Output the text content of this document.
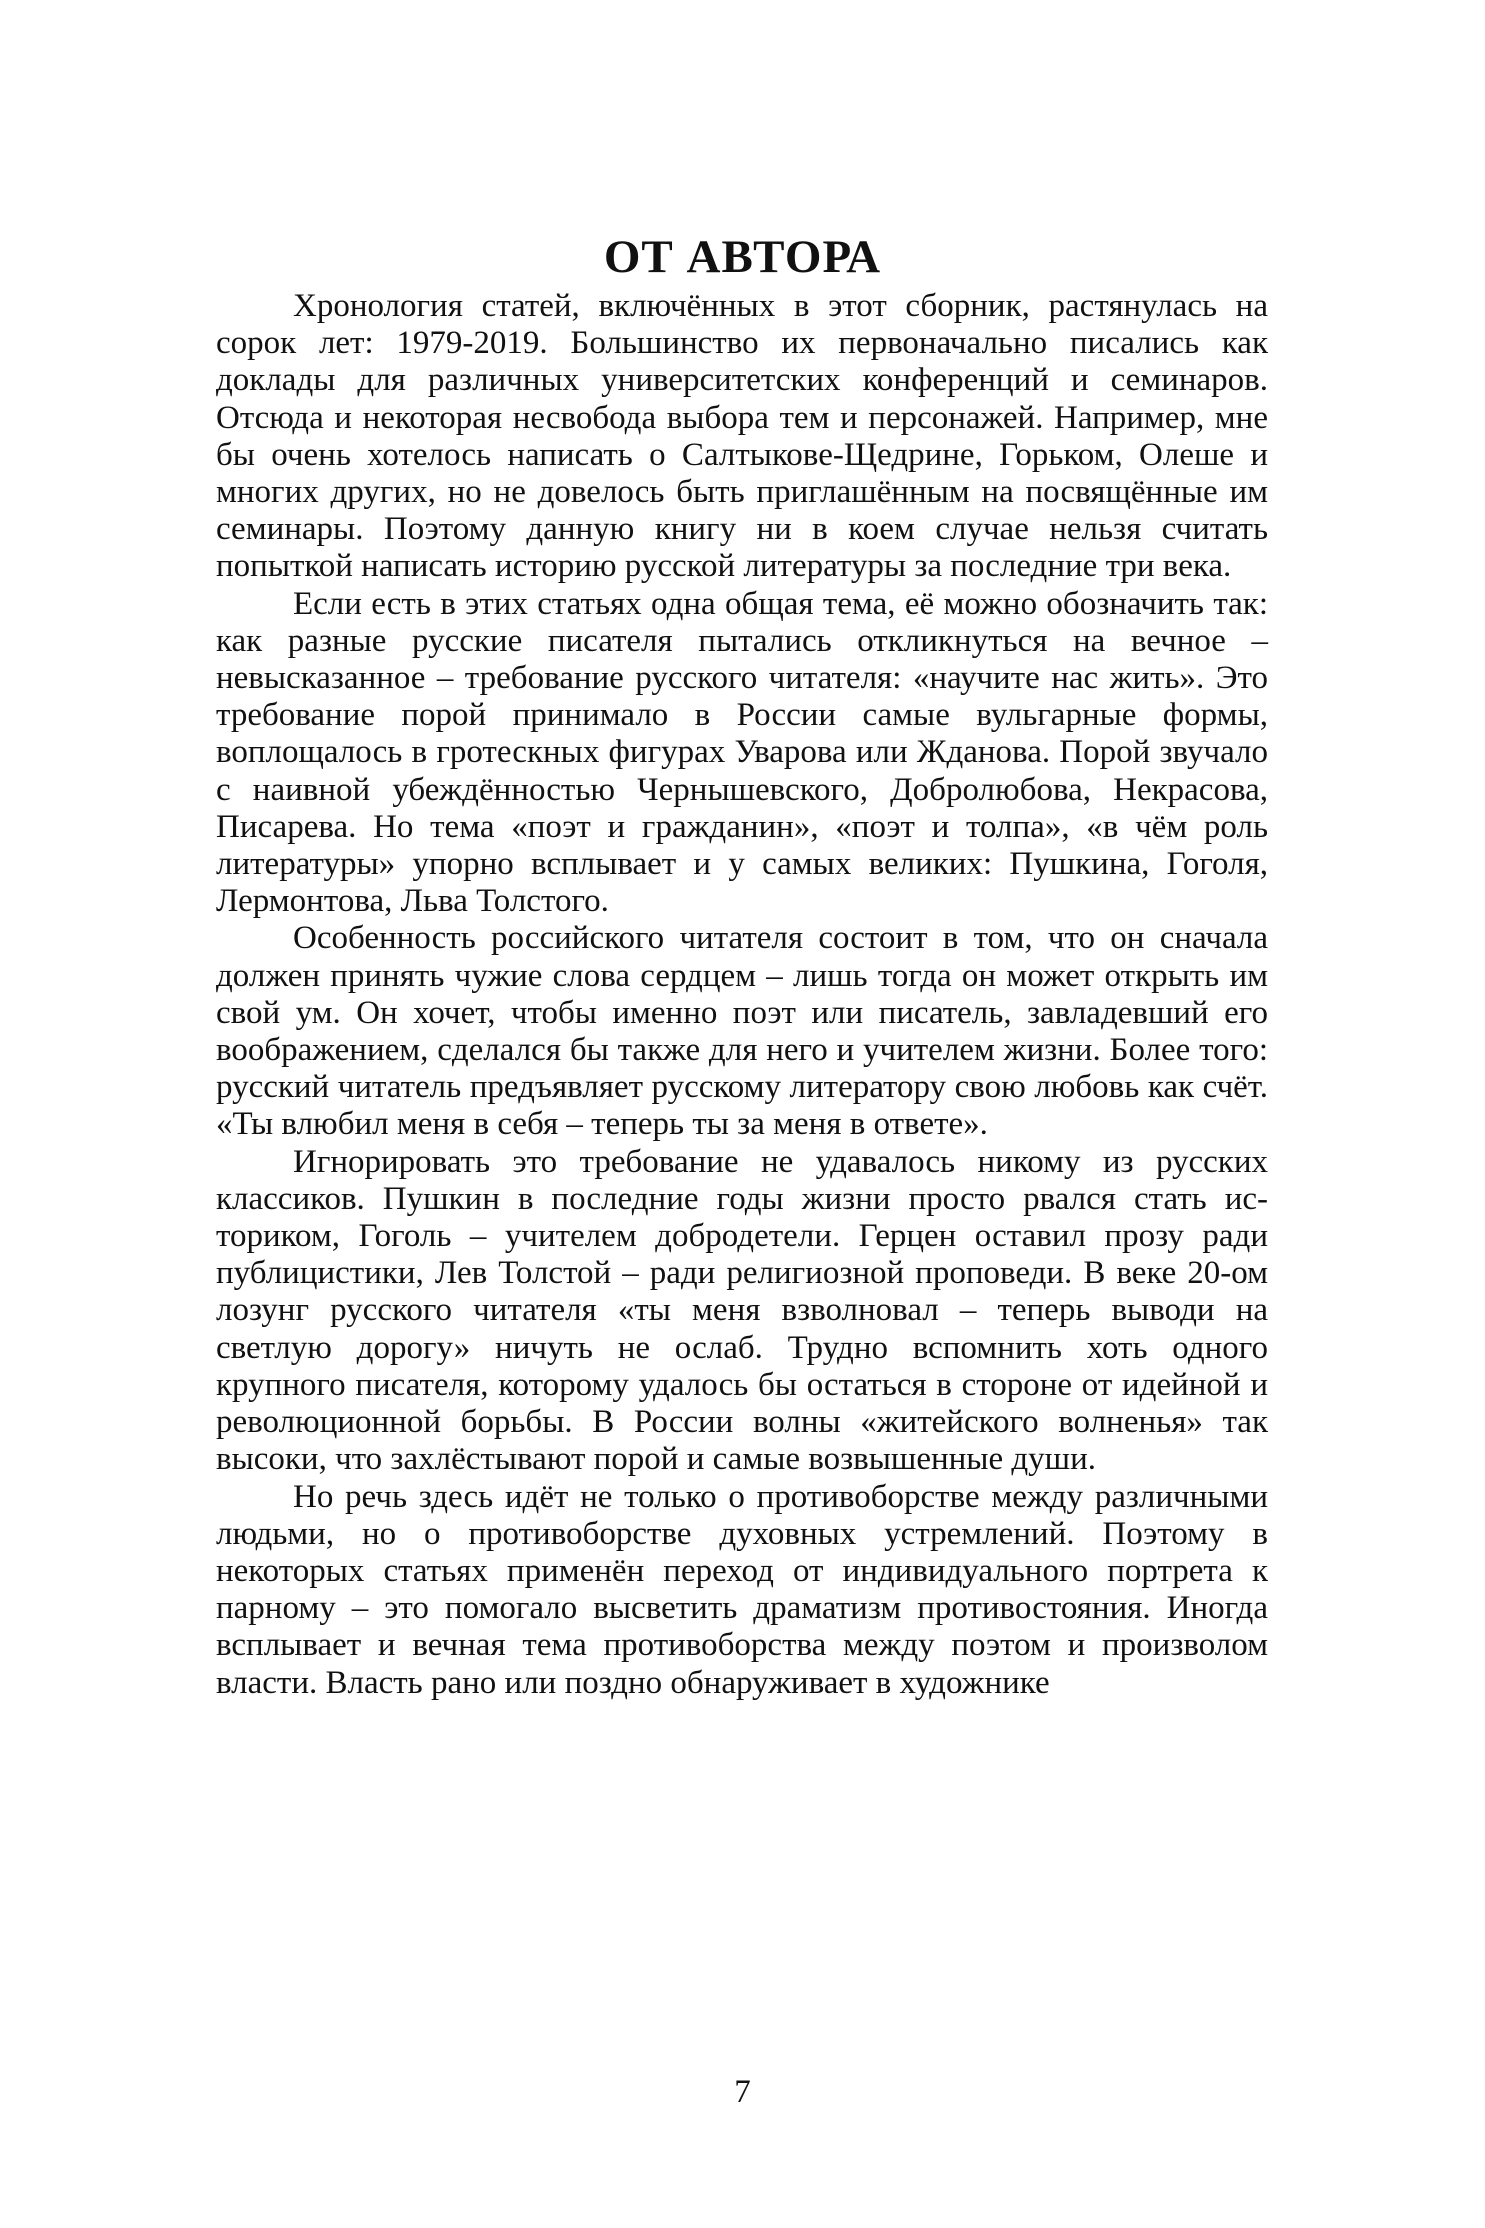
ОТ АВТОРА

Хронология статей, включённых в этот сборник, растянулась на сорок лет: 1979-2019. Большинство их первоначально писались как доклады для различных университетских конференций и семинаров. Отсюда и некоторая несвобода выбора тем и персонажей. Например, мне бы очень хотелось написать о Салтыкове-Щедрине, Горьком, Олеше и многих других, но не довелось быть приглашённым на посвящённые им семинары. Поэтому данную книгу ни в коем случае нельзя считать попыткой написать историю русской литературы за последние три века.

Если есть в этих статьях одна общая тема, её можно обозначить так: как разные русские писателя пытались откликнуться на вечное – невысказанное – требование русского читателя: «научите нас жить». Это требование порой принимало в России самые вульгарные формы, воплощалось в гротескных фигурах Уварова или Жданова. Порой звучало с наивной убеждённостью Чернышевского, Добролюбова, Некрасова, Писарева. Но тема «поэт и гражданин», «поэт и толпа», «в чём роль литературы» упорно всплывает и у самых великих: Пушкина, Гоголя, Лермонтова, Льва Толстого.

Особенность российского читателя состоит в том, что он сначала должен принять чужие слова сердцем – лишь тогда он может открыть им свой ум. Он хочет, чтобы именно поэт или писатель, завладевший его воображением, сделался бы также для него и учителем жизни. Более того: русский читатель предъявляет русскому литератору свою любовь как счёт. «Ты влюбил меня в себя – теперь ты за меня в ответе».

Игнорировать это требование не удавалось никому из русских классиков. Пушкин в последние годы жизни просто рвался стать историком, Гоголь – учителем добродетели. Герцен оставил прозу ради публицистики, Лев Толстой – ради религиозной проповеди. В веке 20-ом лозунг русского читателя «ты меня взволновал – теперь выводи на светлую дорогу» ничуть не ослаб. Трудно вспомнить хоть одного крупного писателя, которому удалось бы остаться в стороне от идейной и революционной борьбы. В России волны «житейского волненья» так высоки, что захлёстывают порой и самые возвышенные души.

Но речь здесь идёт не только о противоборстве между различными людьми, но о противоборстве духовных устремлений. Поэтому в некоторых статьях применён переход от индивидуального портрета к парному – это помогало высветить драматизм противостояния. Иногда всплывает и вечная тема противоборства между поэтом и произволом власти. Власть рано или поздно обнаруживает в художнике

7
